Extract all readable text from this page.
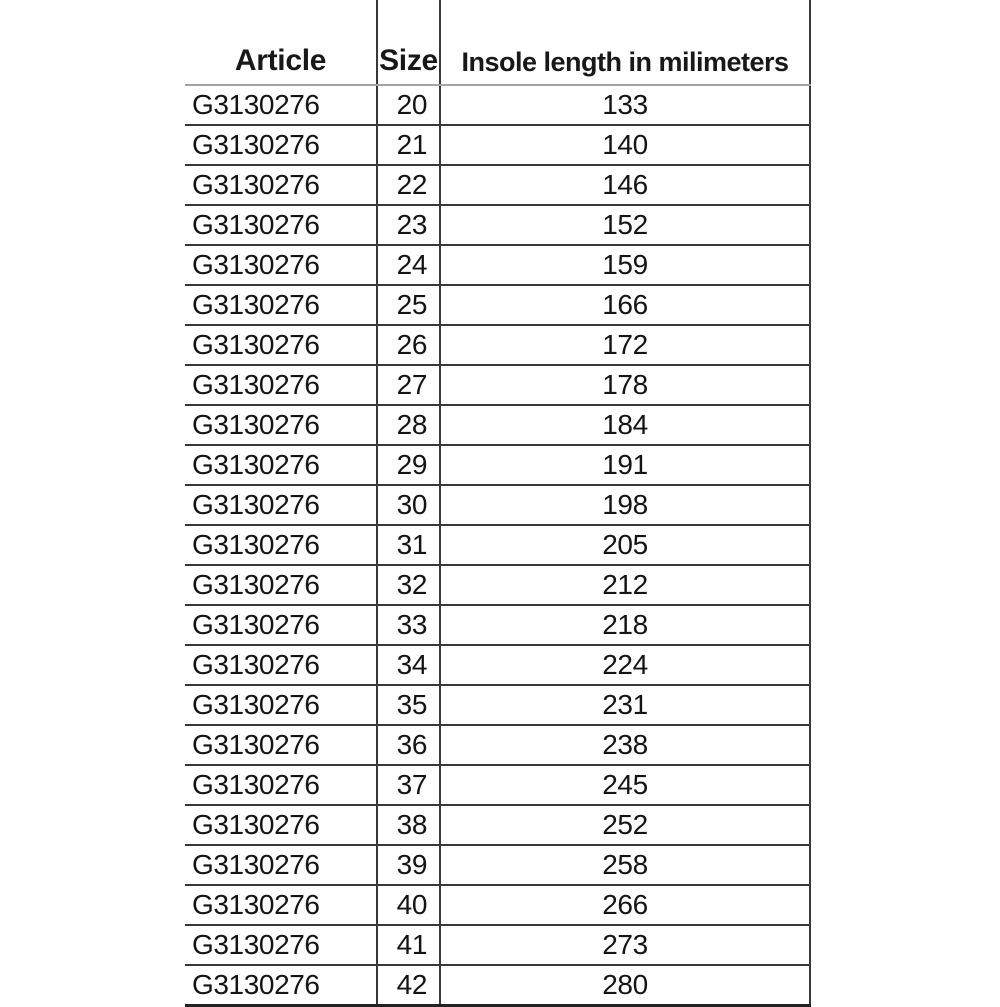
Article	Size	Insole length in milimeters
G3130276	20	133
G3130276	21	140
G3130276	22	146
G3130276	23	152
G3130276	24	159
G3130276	25	166
G3130276	26	172
G3130276	27	178
G3130276	28	184
G3130276	29	191
G3130276	30	198
G3130276	31	205
G3130276	32	212
G3130276	33	218
G3130276	34	224
G3130276	35	231
G3130276	36	238
G3130276	37	245
G3130276	38	252
G3130276	39	258
G3130276	40	266
G3130276	41	273
G3130276	42	280
